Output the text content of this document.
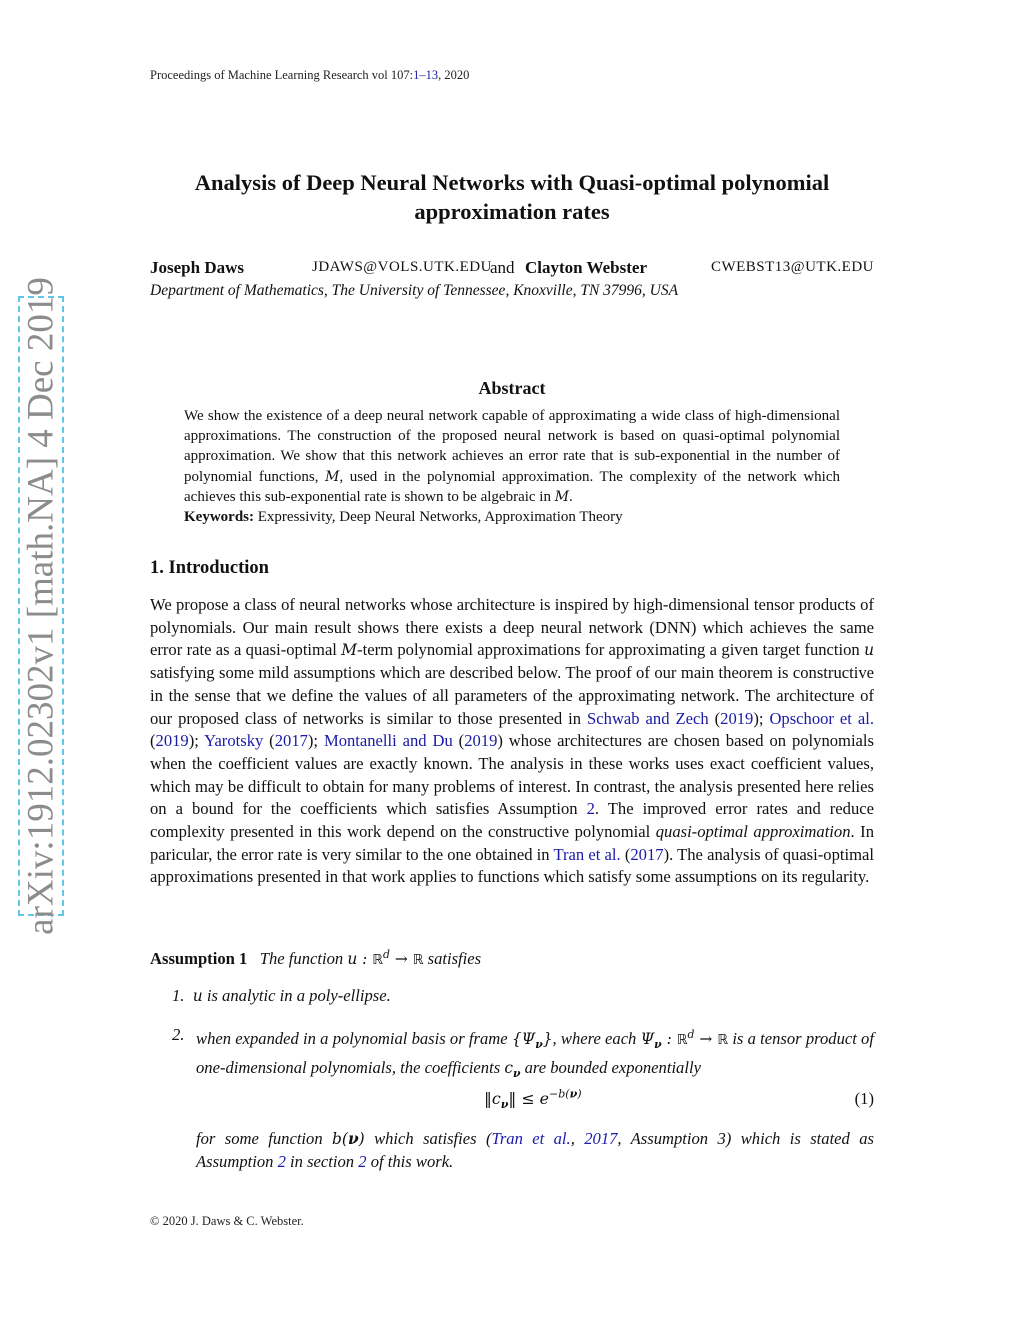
Proceedings of Machine Learning Research vol 107:1–13, 2020
Analysis of Deep Neural Networks with Quasi-optimal polynomial
approximation rates
Joseph Daws	JDAWS@VOLS.UTK.EDU
and Clayton Webster	CWEBST13@UTK.EDU
Department of Mathematics, The University of Tennessee, Knoxville, TN 37996, USA
arXiv:1912.02302v1 [math.NA] 4 Dec 2019	Abstract
We show the existence of a deep neural network capable of approximating a wide class of high-dimensional approximations. The construction of the proposed neural network is based on quasi-optimal polynomial approximation. We show that this network achieves an error rate that is sub-exponential in the number of polynomial functions, M, used in the polynomial approximation. The complexity of the network which achieves this sub-exponential rate is shown to be algebraic in M.
Keywords: Expressivity, Deep Neural Networks, Approximation Theory
1. Introduction
We propose a class of neural networks whose architecture is inspired by high-dimensional tensor products of polynomials. Our main result shows there exists a deep neural network (DNN) which achieves the same error rate as a quasi-optimal M-term polynomial approximations for approximating a given target function u satisfying some mild assumptions which are described below. The proof of our main theorem is constructive in the sense that we define the values of all parameters of the approximating network. The architecture of our proposed class of networks is similar to those presented in Schwab and Zech (2019); Opschoor et al. (2019); Yarotsky (2017); Montanelli and Du (2019) whose architectures are chosen based on polynomials when the coefficient values are exactly known. The analysis in these works uses exact coefficient values, which may be difficult to obtain for many problems of interest. In contrast, the analysis presented here relies on a bound for the coefficients which satisfies Assumption 2. The improved error rates and reduce complexity presented in this work depend on the constructive polynomial quasi-optimal approximation. In paricular, the error rate is very similar to the one obtained in Tran et al. (2017). The analysis of quasi-optimal approximations presented in that work applies to functions which satisfy some assumptions on its regularity.
Assumption 1 The function u : ℝ$^d$ → ℝ satisfies
1. u is analytic in a poly-ellipse.
2. when expanded in a polynomial basis or frame $\{\Psi_\nu\}$, where each $\Psi_\nu$ : ℝ$^d$ → ℝ is a tensor product of one-dimensional polynomials, the coefficients $c_\nu$ are bounded exponentially
$‖c_\nu‖ \le e^{-b(\nu)}$	(1)
for some function b(ν) which satisfies (Tran et al., 2017, Assumption 3) which is stated as Assumption 2 in section 2 of this work.
© 2020 J. Daws & C. Webster.
